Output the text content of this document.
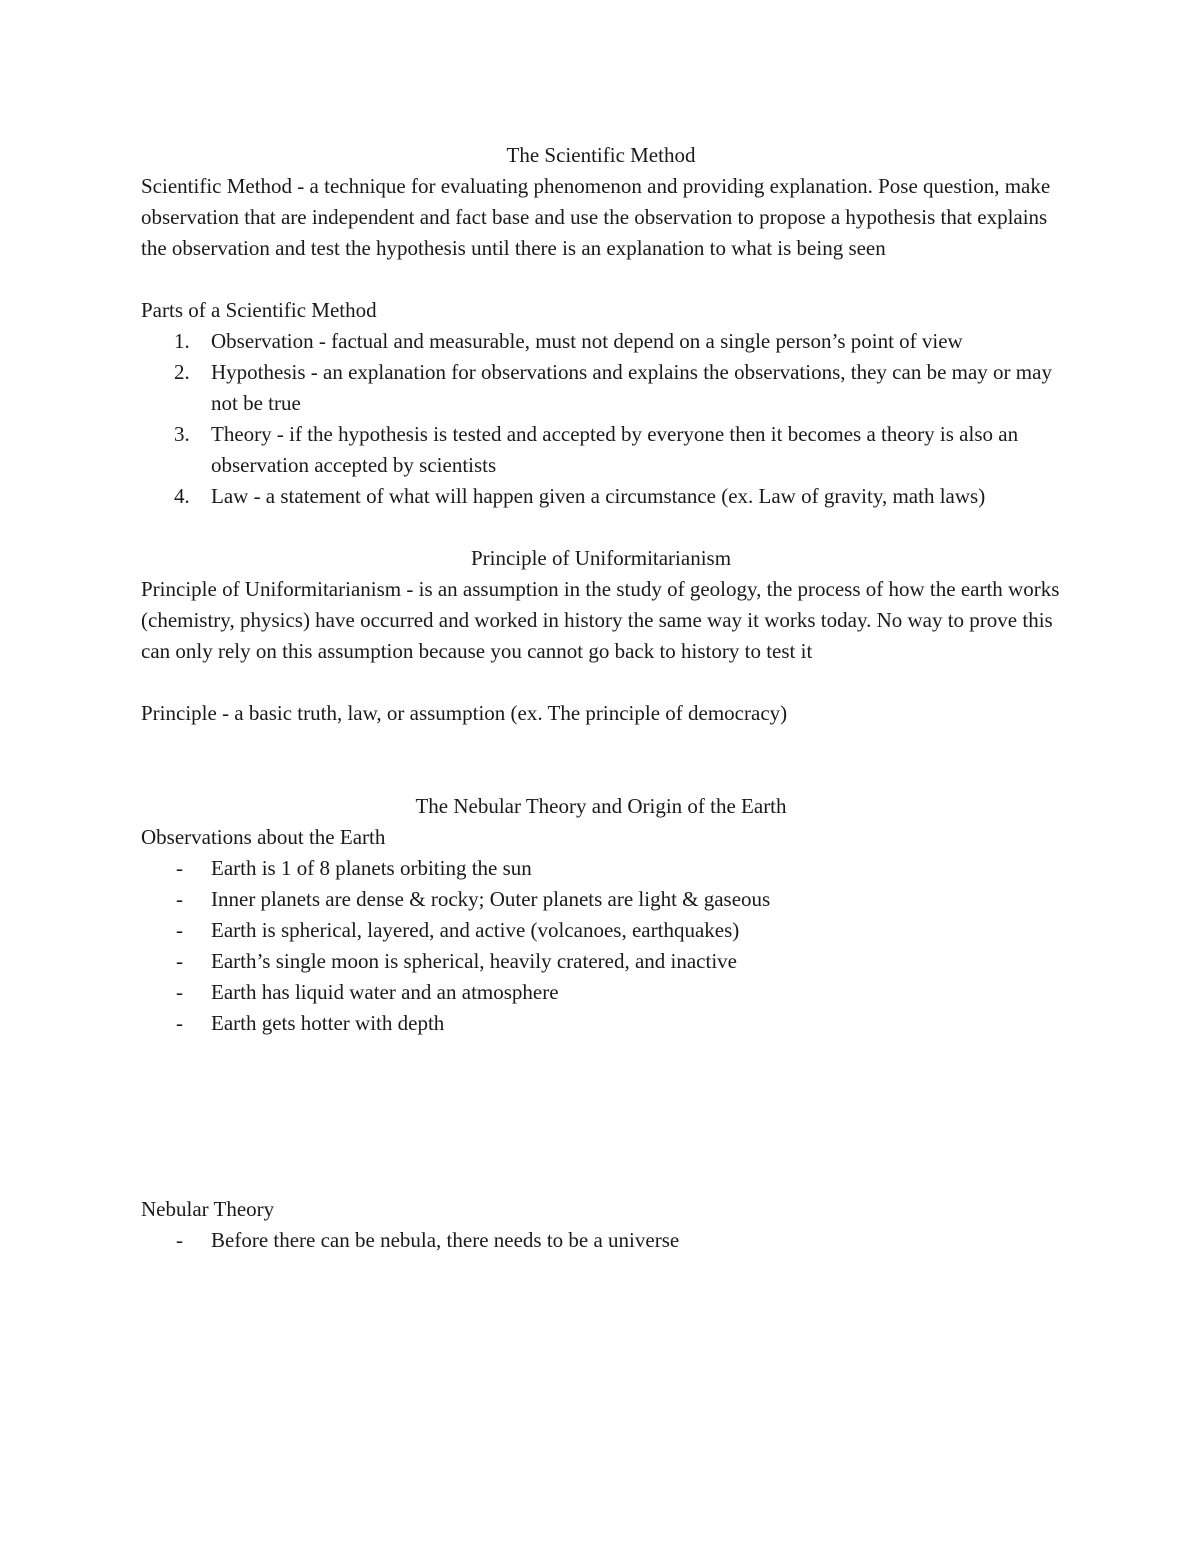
The Scientific Method

Scientific Method - a technique for evaluating phenomenon and providing explanation. Pose question, make observation that are independent and fact base and use the observation to propose a hypothesis that explains the observation and test the hypothesis until there is an explanation to what is being seen

Parts of a Scientific Method

1.	Observation - factual and measurable, must not depend on a single person’s point of view
2.	Hypothesis - an explanation for observations and explains the observations, they can be may or may not be true
3.	Theory - if the hypothesis is tested and accepted by everyone then it becomes a theory is also an observation accepted by scientists
4.	Law - a statement of what will happen given a circumstance (ex. Law of gravity, math laws)

Principle of Uniformitarianism

Principle of Uniformitarianism - is an assumption in the study of geology, the process of how the earth works (chemistry, physics) have occurred and worked in history the same way it works today. No way to prove this can only rely on this assumption because you cannot go back to history to test it

Principle - a basic truth, law, or assumption (ex. The principle of democracy)

The Nebular Theory and Origin of the Earth

Observations about the Earth

-	Earth is 1 of 8 planets orbiting the sun
-	Inner planets are dense & rocky; Outer planets are light & gaseous
-	Earth is spherical, layered, and active (volcanoes, earthquakes)
-	Earth’s single moon is spherical, heavily cratered, and inactive
-	Earth has liquid water and an atmosphere
-	Earth gets hotter with depth

Nebular Theory

-	Before there can be nebula, there needs to be a universe
